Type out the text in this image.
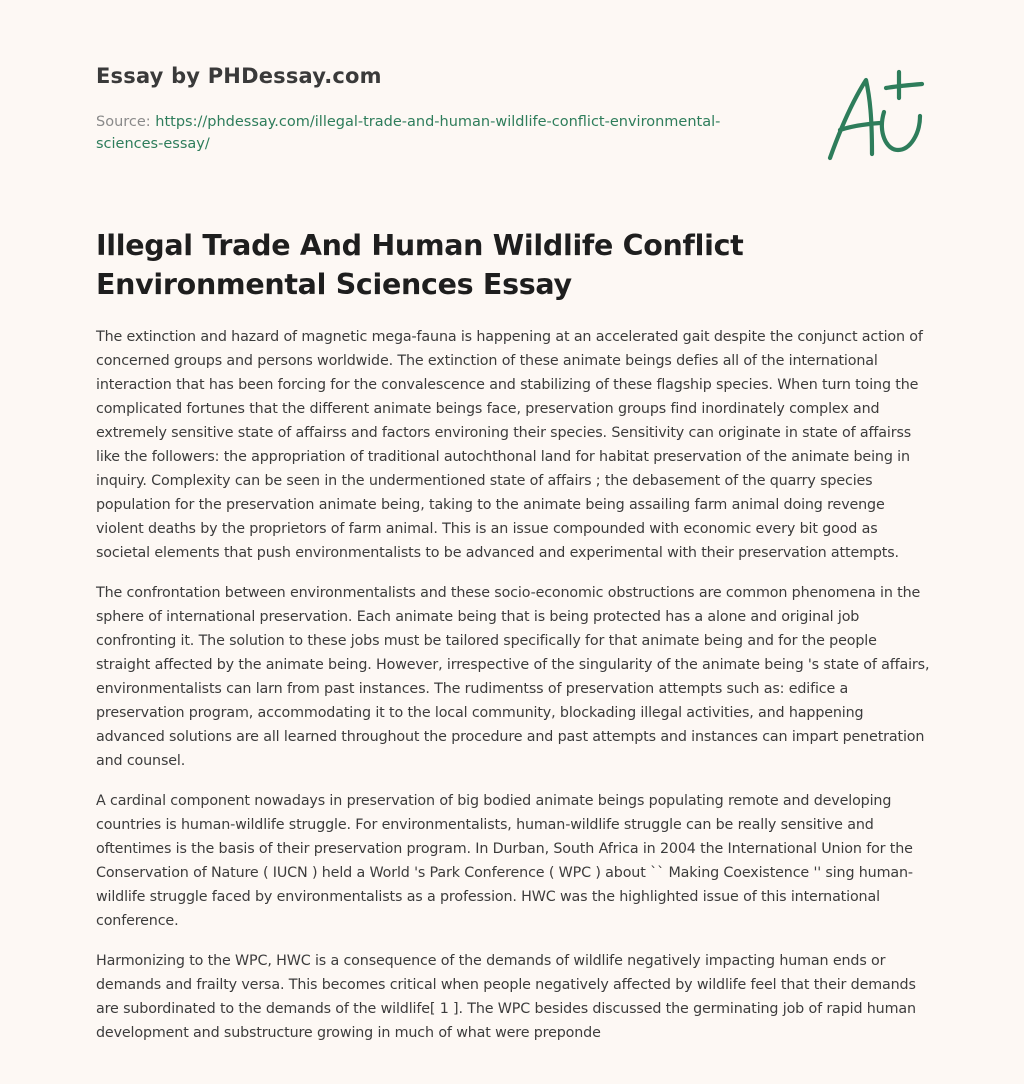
Essay by PHDessay.com
Source: https://phdessay.com/illegal-trade-and-human-wildlife-conflict-environmental-sciences-essay/
Illegal Trade And Human Wildlife Conflict Environmental Sciences Essay

The extinction and hazard of magnetic mega-fauna is happening at an accelerated gait despite the conjunct action of concerned groups and persons worldwide. The extinction of these animate beings defies all of the international interaction that has been forcing for the convalescence and stabilizing of these flagship species. When turn toing the complicated fortunes that the different animate beings face, preservation groups find inordinately complex and extremely sensitive state of affairss and factors environing their species. Sensitivity can originate in state of affairss like the followers: the appropriation of traditional autochthonal land for habitat preservation of the animate being in inquiry. Complexity can be seen in the undermentioned state of affairs ; the debasement of the quarry species population for the preservation animate being, taking to the animate being assailing farm animal doing revenge violent deaths by the proprietors of farm animal. This is an issue compounded with economic every bit good as societal elements that push environmentalists to be advanced and experimental with their preservation attempts.

The confrontation between environmentalists and these socio-economic obstructions are common phenomena in the sphere of international preservation. Each animate being that is being protected has a alone and original job confronting it. The solution to these jobs must be tailored specifically for that animate being and for the people straight affected by the animate being. However, irrespective of the singularity of the animate being 's state of affairs, environmentalists can larn from past instances. The rudimentss of preservation attempts such as: edifice a preservation program, accommodating it to the local community, blockading illegal activities, and happening advanced solutions are all learned throughout the procedure and past attempts and instances can impart penetration and counsel.

A cardinal component nowadays in preservation of big bodied animate beings populating remote and developing countries is human-wildlife struggle. For environmentalists, human-wildlife struggle can be really sensitive and oftentimes is the basis of their preservation program. In Durban, South Africa in 2004 the International Union for the Conservation of Nature ( IUCN ) held a World 's Park Conference ( WPC ) about `` Making Coexistence '' sing human-wildlife struggle faced by environmentalists as a profession. HWC was the highlighted issue of this international conference.

Harmonizing to the WPC, HWC is a consequence of the demands of wildlife negatively impacting human ends or demands and frailty versa. This becomes critical when people negatively affected by wildlife feel that their demands are subordinated to the demands of the wildlife[ 1 ]. The WPC besides discussed the germinating job of rapid human development and substructure growing in much of what were preponde
